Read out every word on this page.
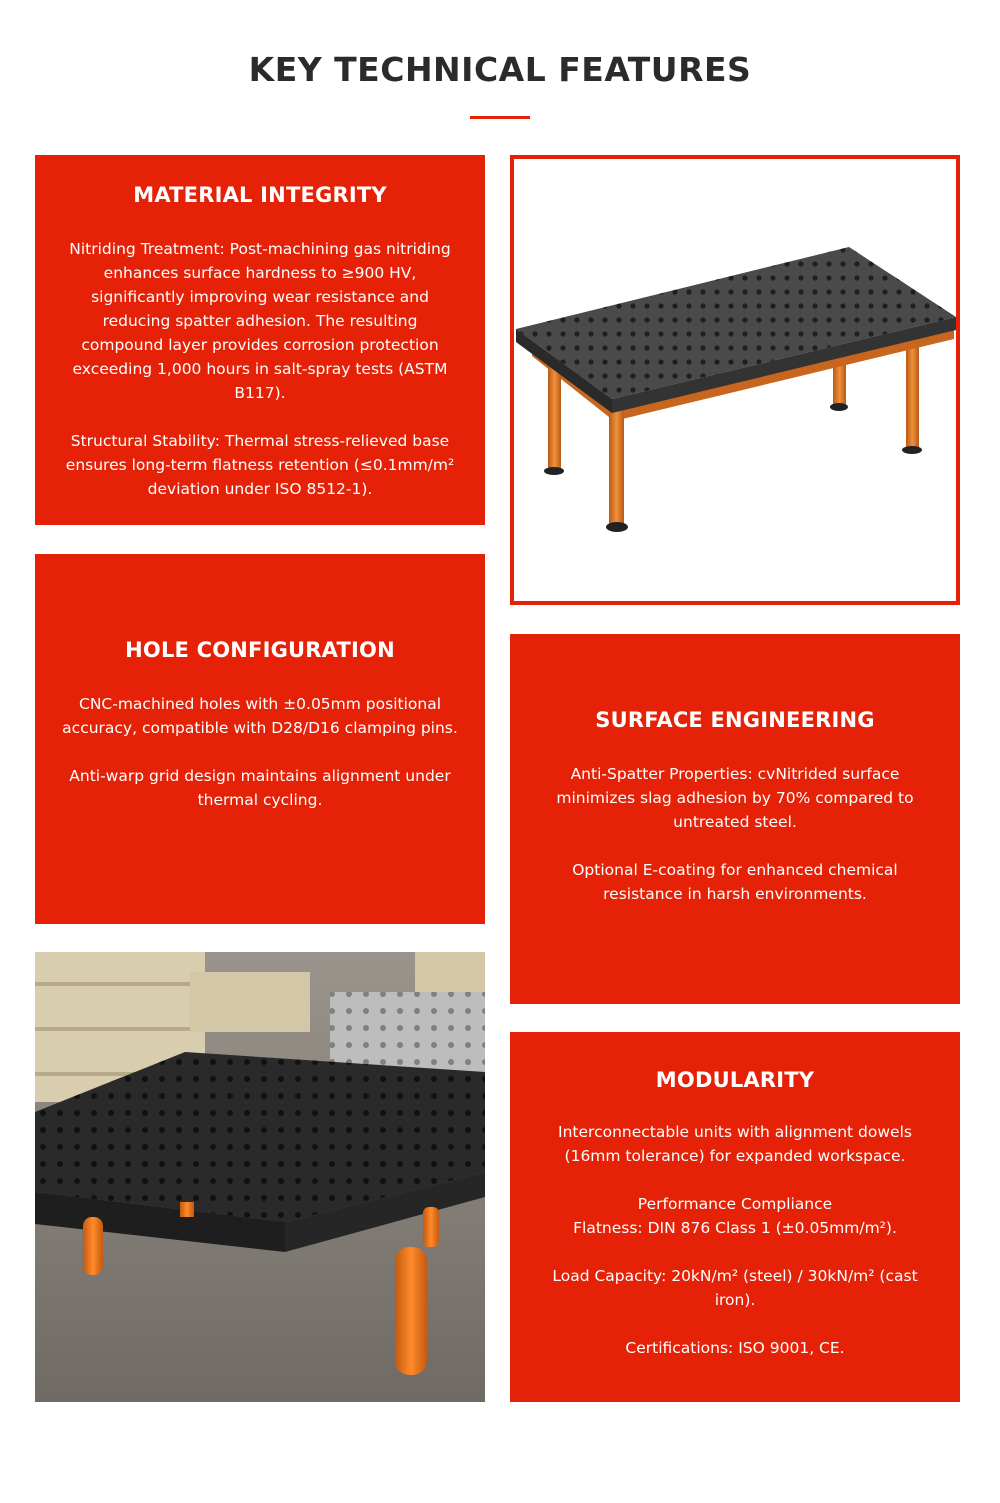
KEY TECHNICAL FEATURES
MATERIAL INTEGRITY

Nitriding Treatment: Post-machining gas nitriding enhances surface hardness to ≥900 HV, significantly improving wear resistance and reducing spatter adhesion. The resulting compound layer provides corrosion protection exceeding 1,000 hours in salt-spray tests (ASTM B117).

Structural Stability: Thermal stress-relieved base ensures long-term flatness retention (≤0.1mm/m² deviation under ISO 8512-1).

HOLE CONFIGURATION

CNC-machined holes with ±0.05mm positional accuracy, compatible with D28/D16 clamping pins.

Anti-warp grid design maintains alignment under thermal cycling.

SURFACE ENGINEERING

Anti-Spatter Properties: cvNitrided surface minimizes slag adhesion by 70% compared to untreated steel.

Optional E-coating for enhanced chemical resistance in harsh environments.

MODULARITY

Interconnectable units with alignment dowels (16mm tolerance) for expanded workspace.

Performance Compliance

Flatness: DIN 876 Class 1 (±0.05mm/m²).

Load Capacity: 20kN/m² (steel) / 30kN/m² (cast iron).

Certifications: ISO 9001, CE.
